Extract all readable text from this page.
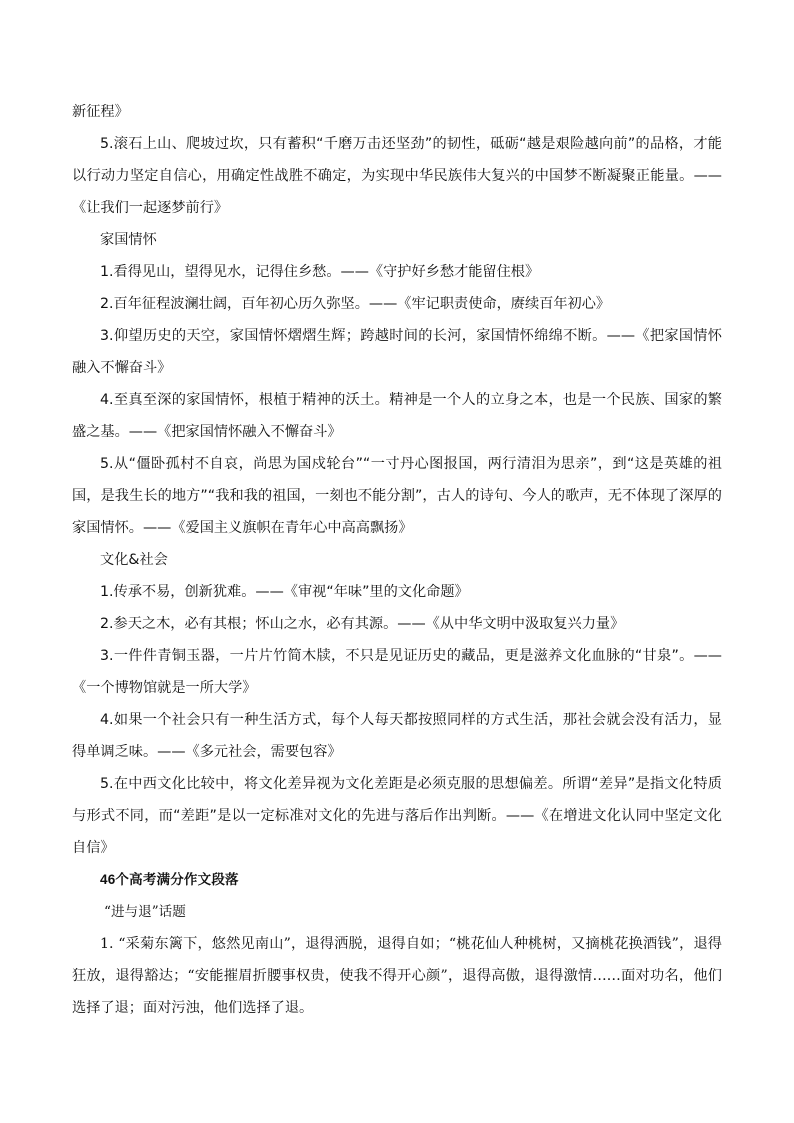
新征程》

5.滚石上山、爬坡过坎，只有蓄积“千磨万击还坚劲”的韧性，砥砺“越是艰险越向前”的品格，才能以行动力坚定自信心，用确定性战胜不确定，为实现中华民族伟大复兴的中国梦不断凝聚正能量。——《让我们一起逐梦前行》

家国情怀

1.看得见山，望得见水，记得住乡愁。——《守护好乡愁才能留住根》

2.百年征程波澜壮阔，百年初心历久弥坚。——《牢记职责使命，赓续百年初心》

3.仰望历史的天空，家国情怀熠熠生辉；跨越时间的长河，家国情怀绵绵不断。——《把家国情怀融入不懈奋斗》

4.至真至深的家国情怀，根植于精神的沃土。精神是一个人的立身之本，也是一个民族、国家的繁盛之基。——《把家国情怀融入不懈奋斗》

5.从“僵卧孤村不自哀，尚思为国戍轮台”“一寸丹心图报国，两行清泪为思亲”，到“这是英雄的祖国，是我生长的地方”“我和我的祖国，一刻也不能分割”，古人的诗句、今人的歌声，无不体现了深厚的家国情怀。——《爱国主义旗帜在青年心中高高飘扬》

文化&社会

1.传承不易，创新犹难。——《审视“年味”里的文化命题》

2.参天之木，必有其根；怀山之水，必有其源。——《从中华文明中汲取复兴力量》

3.一件件青铜玉器，一片片竹简木牍，不只是见证历史的藏品，更是滋养文化血脉的“甘泉”。——《一个博物馆就是一所大学》

4.如果一个社会只有一种生活方式，每个人每天都按照同样的方式生活，那社会就会没有活力，显得单调乏味。——《多元社会，需要包容》

5.在中西文化比较中，将文化差异视为文化差距是必须克服的思想偏差。所谓“差异”是指文化特质与形式不同，而“差距”是以一定标准对文化的先进与落后作出判断。——《在增进文化认同中坚定文化自信》

46个高考满分作文段落

“进与退”话题

1. “采菊东篱下，悠然见南山”，退得洒脱，退得自如；“桃花仙人种桃树，又摘桃花换酒钱”，退得狂放，退得豁达；“安能摧眉折腰事权贵，使我不得开心颜”，退得高傲，退得激情……面对功名，他们选择了退；面对污浊，他们选择了退。
